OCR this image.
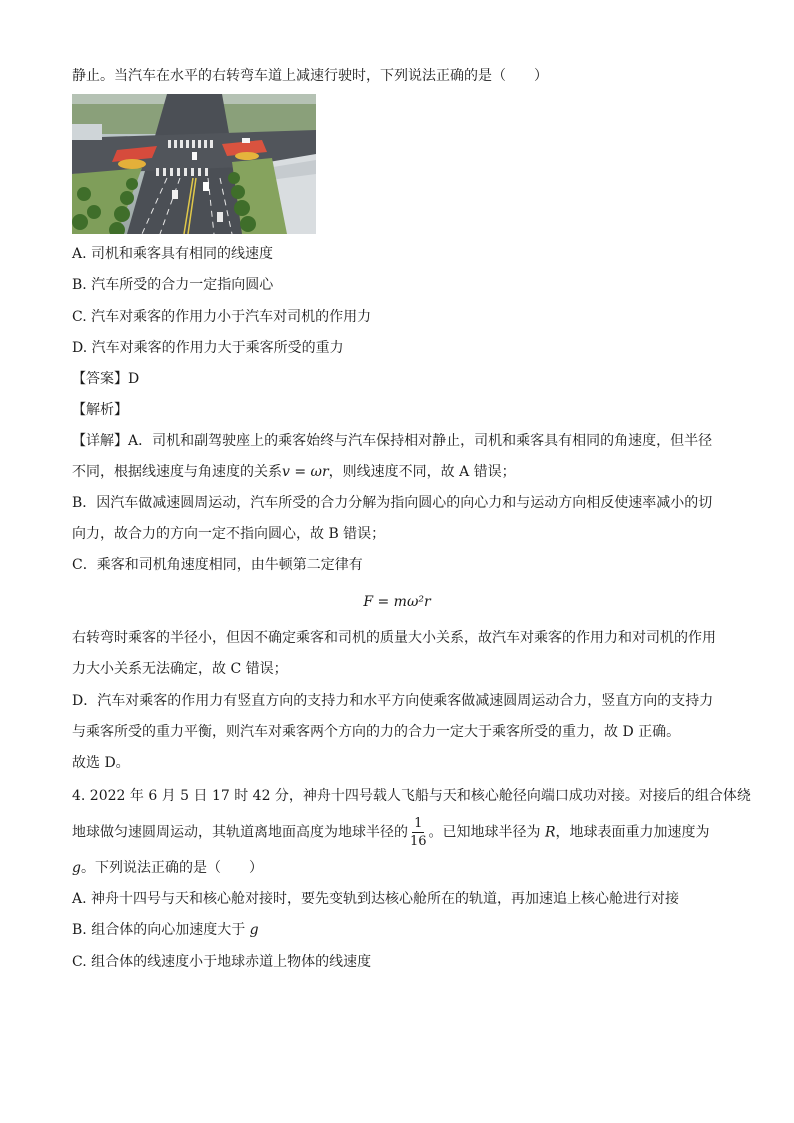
静止。当汽车在水平的右转弯车道上减速行驶时，下列说法正确的是（　　）
A. 司机和乘客具有相同的线速度
B. 汽车所受的合力一定指向圆心
C. 汽车对乘客的作用力小于汽车对司机的作用力
D. 汽车对乘客的作用力大于乘客所受的重力
【答案】D
【解析】
【详解】A．司机和副驾驶座上的乘客始终与汽车保持相对静止，司机和乘客具有相同的角速度，但半径
不同，根据线速度与角速度的关系v = ωr，则线速度不同，故 A 错误；
B．因汽车做减速圆周运动，汽车所受的合力分解为指向圆心的向心力和与运动方向相反使速率减小的切
向力，故合力的方向一定不指向圆心，故 B 错误；
C．乘客和司机角速度相同，由牛顿第二定律有
F = mω²r
右转弯时乘客的半径小，但因不确定乘客和司机的质量大小关系，故汽车对乘客的作用力和对司机的作用
力大小关系无法确定，故 C 错误；
D．汽车对乘客的作用力有竖直方向的支持力和水平方向使乘客做减速圆周运动合力，竖直方向的支持力
与乘客所受的重力平衡，则汽车对乘客两个方向的力的合力一定大于乘客所受的重力，故 D 正确。
故选 D。
4. 2022 年 6 月 5 日 17 时 42 分，神舟十四号载人飞船与天和核心舱径向端口成功对接。对接后的组合体绕
地球做匀速圆周运动，其轨道离地面高度为地球半径的 $\frac{1}{16}$ 。已知地球半径为 R，地球表面重力加速度为
g。下列说法正确的是（　　）
A. 神舟十四号与天和核心舱对接时，要先变轨到达核心舱所在的轨道，再加速追上核心舱进行对接
B. 组合体的向心加速度大于 g
C. 组合体的线速度小于地球赤道上物体的线速度
